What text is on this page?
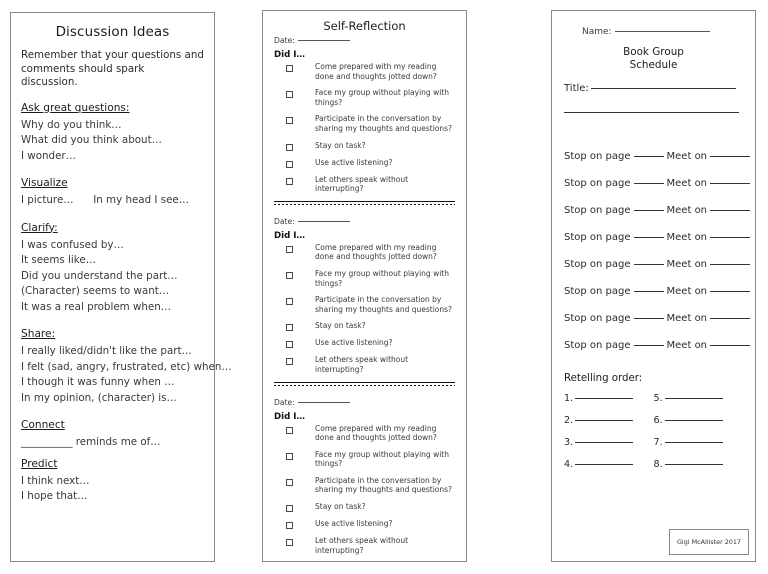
Discussion Ideas
Remember that your questions and comments should spark discussion.
Ask great questions:
Why do you think…
What did you think about…
I wonder…
Visualize
I picture…      In my head I see…
Clarify:
I was confused by…
It seems like…
Did you understand the part…
(Character) seems to want…
It was a real problem when…
Share:
I really liked/didn't like the part…
I felt (sad, angry, frustrated, etc) when…
I though it was funny when …
In my opinion, (character) is…
Connect
__________ reminds me of…
Predict
I think next…
I hope that…
Self-Reflection
Date:
Did I…
Come prepared with my reading done and thoughts jotted down?
Face my group without playing with things?
Participate in the conversation by sharing my thoughts and questions?
Stay on task?
Use active listening?
Let others speak without interrupting?
Date:
Did I…
Come prepared with my reading done and thoughts jotted down?
Face my group without playing with things?
Participate in the conversation by sharing my thoughts and questions?
Stay on task?
Use active listening?
Let others speak without interrupting?
Date:
Did I…
Come prepared with my reading done and thoughts jotted down?
Face my group without playing with things?
Participate in the conversation by sharing my thoughts and questions?
Stay on task?
Use active listening?
Let others speak without interrupting?
Name:
Book Group
Schedule
Title:
Stop on page	Meet on
Stop on page	Meet on
Stop on page	Meet on
Stop on page	Meet on
Stop on page	Meet on
Stop on page	Meet on
Stop on page	Meet on
Stop on page	Meet on
Retelling order:
1.	5.
2.	6.
3.	7.
4.	8.
Gigi McAllister 2017
